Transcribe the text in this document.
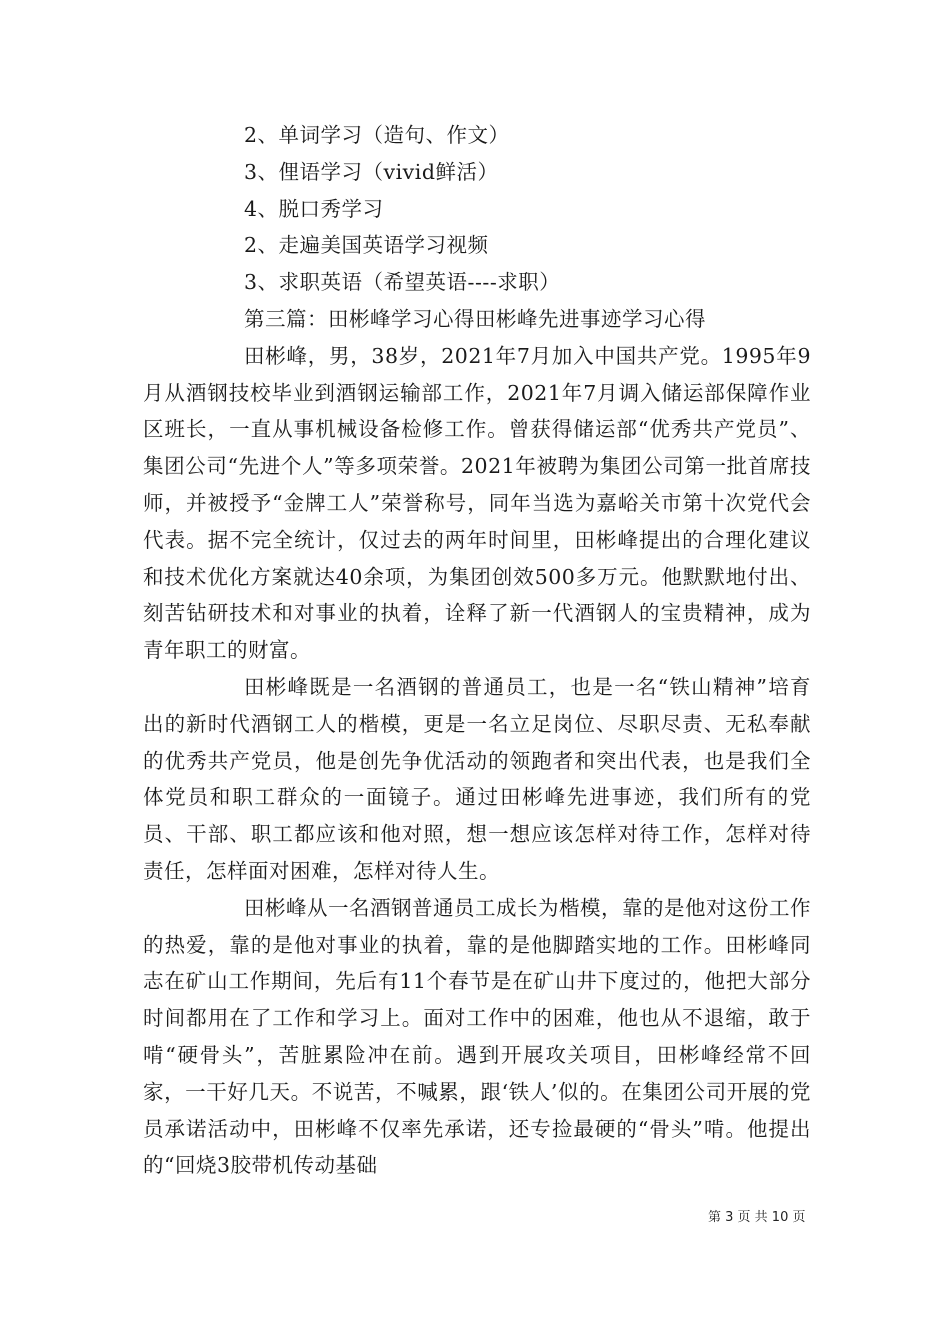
2、单词学习（造句、作文）
3、俚语学习（vivid鲜活）
4、脱口秀学习
2、走遍美国英语学习视频
3、求职英语（希望英语----求职）
第三篇：田彬峰学习心得田彬峰先进事迹学习心得

田彬峰，男，38岁，2021年7月加入中国共产党。1995年9月从酒钢技校毕业到酒钢运输部工作，2021年7月调入储运部保障作业区班长，一直从事机械设备检修工作。曾获得储运部“优秀共产党员”、集团公司“先进个人”等多项荣誉。2021年被聘为集团公司第一批首席技师，并被授予“金牌工人”荣誉称号，同年当选为嘉峪关市第十次党代会代表。据不完全统计，仅过去的两年时间里，田彬峰提出的合理化建议和技术优化方案就达40余项，为集团创效500多万元。他默默地付出、刻苦钻研技术和对事业的执着，诠释了新一代酒钢人的宝贵精神，成为青年职工的财富。

田彬峰既是一名酒钢的普通员工，也是一名“铁山精神”培育出的新时代酒钢工人的楷模，更是一名立足岗位、尽职尽责、无私奉献的优秀共产党员，他是创先争优活动的领跑者和突出代表，也是我们全体党员和职工群众的一面镜子。通过田彬峰先进事迹，我们所有的党员、干部、职工都应该和他对照，想一想应该怎样对待工作，怎样对待责任，怎样面对困难，怎样对待人生。

田彬峰从一名酒钢普通员工成长为楷模，靠的是他对这份工作的热爱，靠的是他对事业的执着，靠的是他脚踏实地的工作。田彬峰同志在矿山工作期间，先后有11个春节是在矿山井下度过的，他把大部分时间都用在了工作和学习上。面对工作中的困难，他也从不退缩，敢于啃“硬骨头”，苦脏累险冲在前。遇到开展攻关项目，田彬峰经常不回家，一干好几天。不说苦，不喊累，跟‘铁人’似的。在集团公司开展的党员承诺活动中，田彬峰不仅率先承诺，还专捡最硬的“骨头”啃。他提出的“回烧3胶带机传动基础

第 3 页 共 10 页
